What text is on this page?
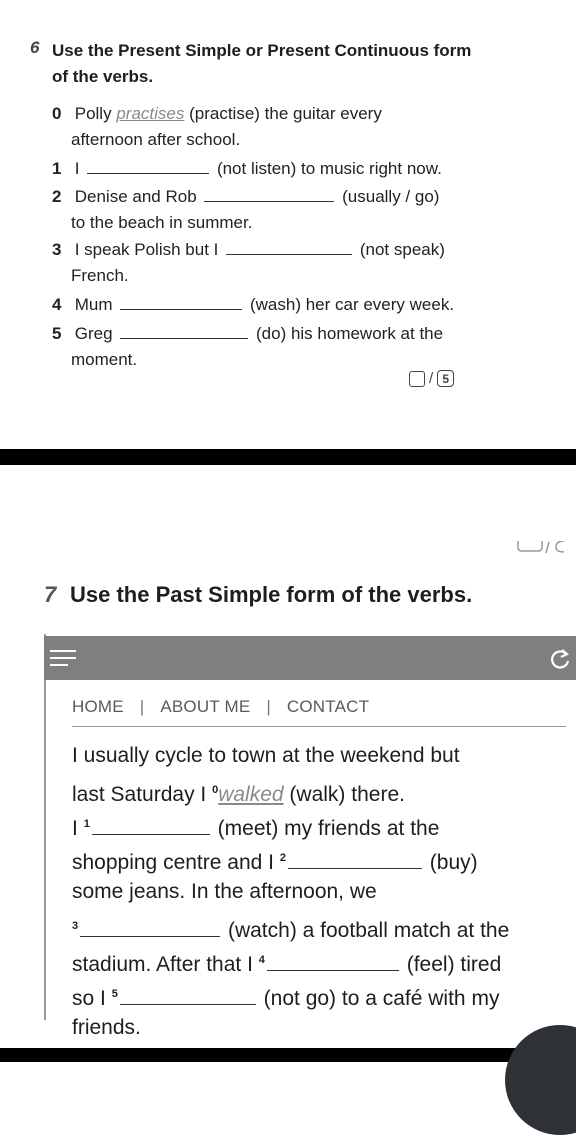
6 Use the Present Simple or Present Continuous form of the verbs.
0 Polly practises (practise) the guitar every
afternoon after school.
1 I	(not listen) to music right now.
2 Denise and Rob	(usually / go)
to the beach in summer.
3 I speak Polish but I	(not speak)
French.
4 Mum	(wash) her car every week.
5 Greg	(do) his homework at the
moment.
/ 5
7 Use the Past Simple form of the verbs.
HOME | ABOUT ME | CONTACT
I usually cycle to town at the weekend but
last Saturday I $^0$walked (walk) there.
I $^1$	(meet) my friends at the
shopping centre and I $^2$	(buy)
some jeans. In the afternoon, we
$^3$	(watch) a football match at the
stadium. After that I $^4$	(feel) tired
so I $^5$	(not go) to a café with my
friends.
